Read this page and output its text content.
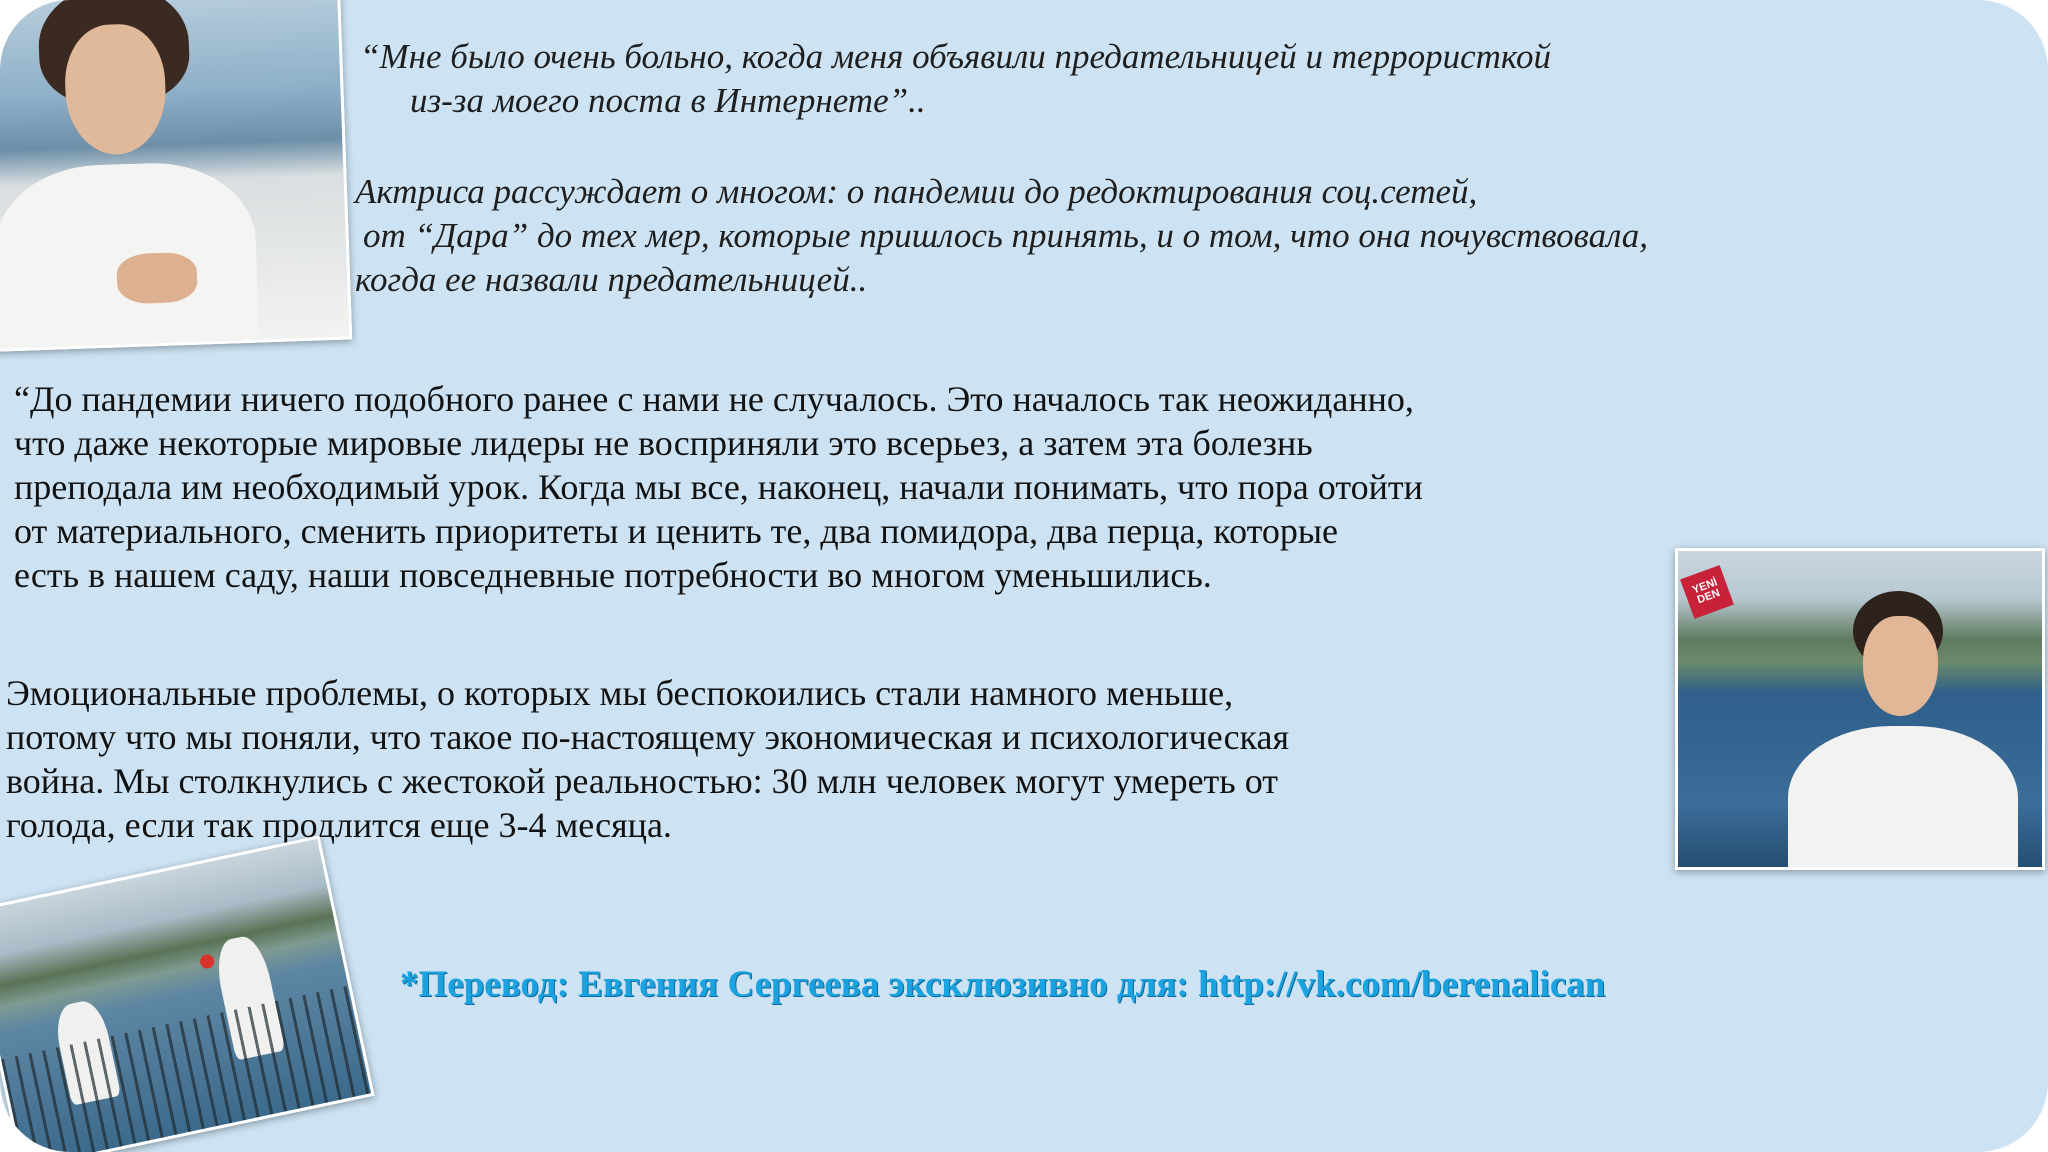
“Мне было очень больно, когда меня объявили предательницей и террористкой
из-за моего поста в Интернете”..

Актриса рассуждает о многом: о пандемии до редоктирования соц.сетей,
от “Дара” до тех мер, которые пришлось принять, и о том, что она почувствовала,
когда ее назвали предательницей..

“До пандемии ничего подобного ранее с нами не случалось. Это началось так неожиданно,
что даже некоторые мировые лидеры не восприняли это всерьез, а затем эта болезнь
преподала им необходимый урок. Когда мы все, наконец, начали понимать, что пора отойти
от материального, сменить приоритеты и ценить те, два помидора, два перца, которые
есть в нашем саду, наши повседневные потребности во многом уменьшились.	YENİ DEN

Эмоциональные проблемы, о которых мы беспокоились стали намного меньше,
потому что мы поняли, что такое по-настоящему экономическая и психологическая
война. Мы столкнулись с жестокой реальностью: 30 млн человек могут умереть от
голода, если так продлится еще 3-4 месяца.

*Перевод: Евгения Сергеева эксклюзивно для: http://vk.com/berenalican
